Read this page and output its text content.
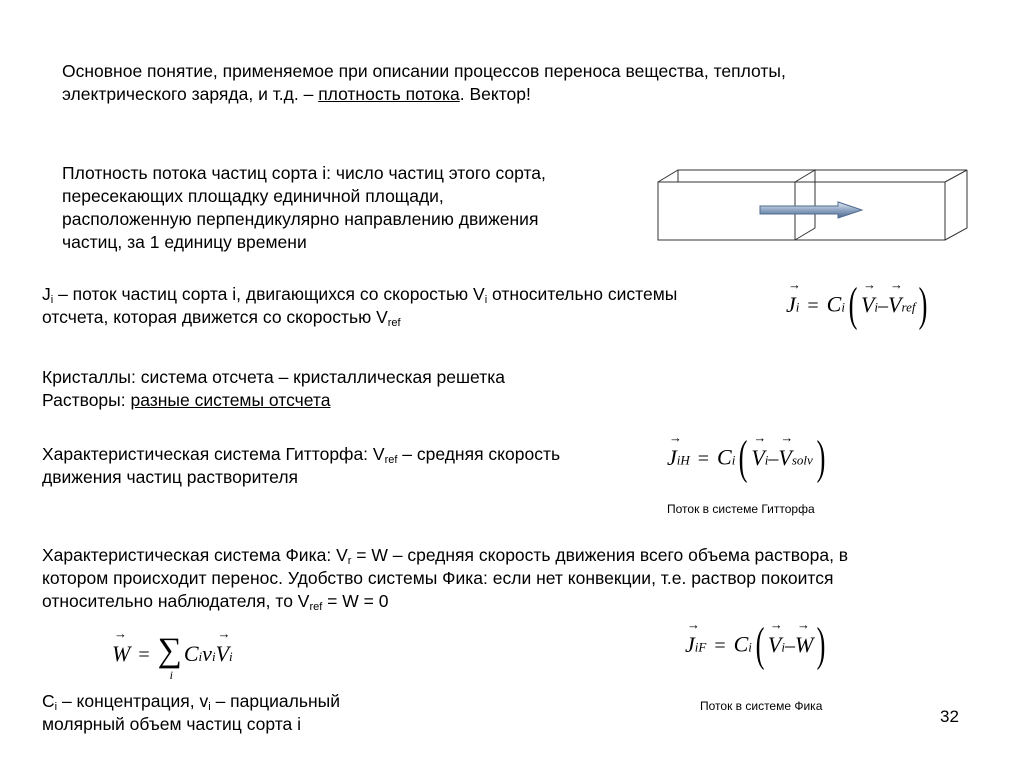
Основное понятие, применяемое при описании процессов переноса вещества, теплоты,
электрического заряда, и т.д. – плотность потока. Вектор!

Плотность потока частиц сорта i: число частиц этого сорта,
пересекающих площадку единичной площади,
расположенную перпендикулярно направлению движения
частиц, за 1 единицу времени

$J_i$ – поток частиц сорта i, двигающихся со скоростью $V_i$ относительно системы
отсчета, которая движется со скоростью $V_{ref}$

→ Ji = Ci( → Vi–→ Vref)

Кристаллы: система отсчета – кристаллическая решетка
Растворы: разные системы отсчета

Характеристическая система Гитторфа: $V_{ref}$ – средняя скорость
движения частиц растворителя

→ JiH = Ci( → Vi–→ Vsolv)
Поток в системе Гитторфа

Характеристическая система Фика: $V_r = W$ – средняя скорость движения всего объема раствора, в
котором происходит перенос. Удобство системы Фика: если нет конвекции, т.е. раствор покоится
относительно наблюдателя, то $V_{ref} = W = 0$

→ W = ∑
i
Ciνi→ Vi	→ JiF = Ci( → Vi–→ W)
Поток в системе Фика

$C_i$ – концентрация, $v_i$ – парциальный
молярный объем частиц сорта i	32
